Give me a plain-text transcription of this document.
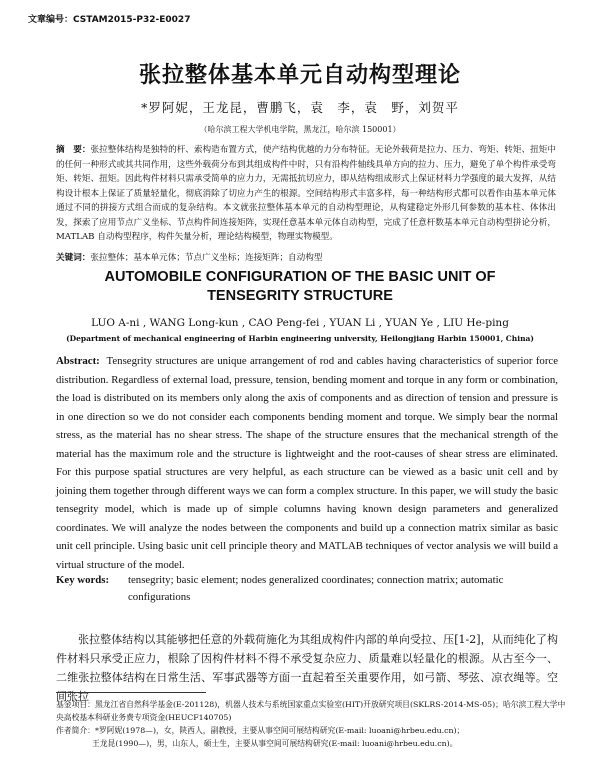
文章编号：CSTAM2015-P32-E0027
张拉整体基本单元自动构型理论
*罗阿妮，王龙昆，曹鹏飞，袁　李，袁　野，刘贺平
（哈尔滨工程大学机电学院，黑龙江，哈尔滨 150001）
摘　要：张拉整体结构是独特的杆、索构造布置方式，使产结构优越的力分布特征。无论外载荷是拉力、压力、弯矩、转矩、扭矩中的任何一种形式或其共同作用，这些外载荷分布到其组成构件中时，只有沿构件轴线具单方向的拉力、压力，避免了单个构件承受弯矩、转矩、扭矩。因此构件材料只需承受简单的应力力，无需抵抗切应力，即从结构组成形式上保证材料力学强度的最大发挥，从结构设计根本上保证了质量轻量化，彻底消除了切应力产生的根源。空间结构形式丰富多样，每一种结构形式都可以看作由基本单元体通过不同的拼接方式组合而成的复杂结构。本文就张拉整体基本单元的自动构型理论，从构建稳定外形几何参数的基本柱、体体出发，探索了应用节点广义坐标、节点构件间连接矩阵，实现任意基本单元体自动构型，完成了任意杆数基本单元自动构型拼论分析，MATLAB 自动构型程序，构件矢量分析，理论结构模型，物理实物模型。
关键词：张拉整体；基本单元体；节点广义坐标；连接矩阵；自动构型
AUTOMOBILE CONFIGURATION OF THE BASIC UNIT OF
TENSEGRITY STRUCTURE
LUO A-ni , WANG Long-kun , CAO Peng-fei , YUAN Li , YUAN Ye , LIU He-ping
(Department of mechanical engineering of Harbin engineering university, Heilongjiang Harbin 150001, China)
Abstract: Tensegrity structures are unique arrangement of rod and cables having characteristics of superior force distribution. Regardless of external load, pressure, tension, bending moment and torque in any form or combination, the load is distributed on its members only along the axis of components and as direction of tension and pressure is in one direction so we do not consider each components bending moment and torque. We simply bear the normal stress, as the material has no shear stress. The shape of the structure ensures that the mechanical strength of the material has the maximum role and the structure is lightweight and the root-causes of shear stress are eliminated. For this purpose spatial structures are very helpful, as each structure can be viewed as a basic unit cell and by joining them together through different ways we can form a complex structure. In this paper, we will study the basic tensegrity model, which is made up of simple columns having known design parameters and generalized coordinates. We will analyze the nodes between the components and build up a connection matrix similar as basic unit cell principle. Using basic unit cell principle theory and MATLAB techniques of vector analysis we will build a virtual structure of the model.
Key words:	tensegrity; basic element; nodes generalized coordinates; connection matrix; automatic configurations
张拉整体结构以其能够把任意的外载荷施化为其组成构件内部的单向受拉、压[1-2]，从而纯化了构件材料只承受正应力，根除了因构件材料不得不承受复杂应力、质量难以轻量化的根源。从古至今一、二维张拉整体结构在日常生活、军事武器等方面一直起着至关重要作用，如弓箭、琴弦、凉衣绳等。空间张拉
基金项目：黑龙江省自然科学基金(E-201128)，机器人技术与系统国家重点实验室(HIT)开放研究项目(SKLRS-2014-MS-05)；哈尔滨工程大学中央高校基本科研业务费专项资金(HEUCF140705)
作者简介：*罗阿妮(1978—)，女，陕西人，副教授，主要从事空间可展结构研究(E-mail: luoani@hrbeu.edu.cn)；
王龙昆(1990—)，男，山东人，硕士生，主要从事空间可展结构研究(E-mail: luoani@hrbeu.edu.cn)。
